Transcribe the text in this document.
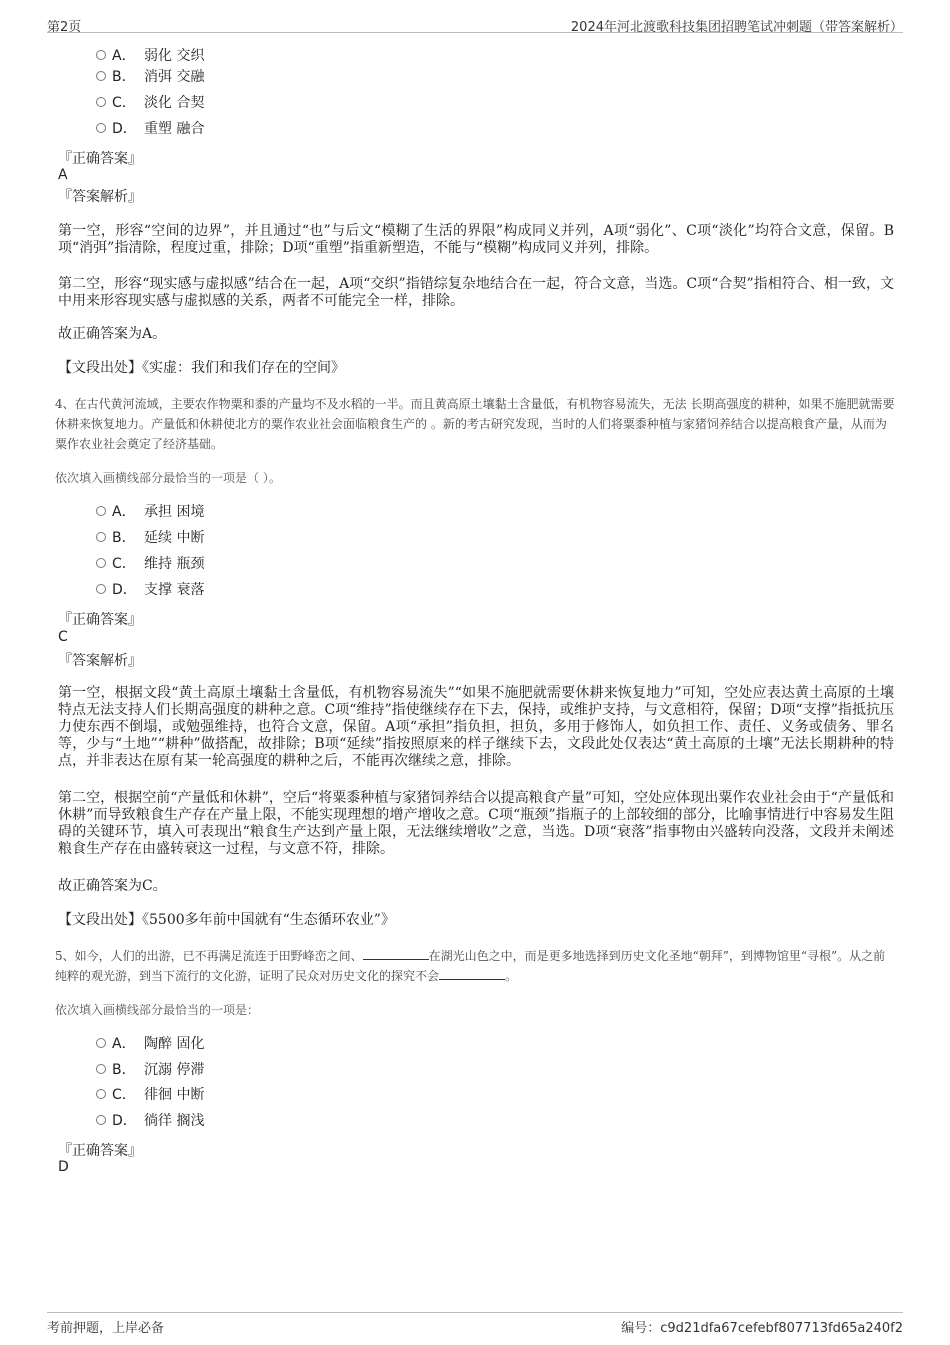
第2页	2024年河北渡歌科技集团招聘笔试冲刺题（带答案解析）
A． 弱化 交织
B． 消弭 交融
C． 淡化 合契
D． 重塑 融合
『正确答案』
A
『答案解析』
第一空，形容“空间的边界”，并且通过“也”与后文“模糊了生活的界限”构成同义并列，A项“弱化”、C项“淡化”均符合文意，保留。B项“消弭”指清除，程度过重，排除；D项“重塑”指重新塑造，不能与“模糊”构成同义并列，排除。
第二空，形容“现实感与虚拟感”结合在一起，A项“交织”指错综复杂地结合在一起，符合文意，当选。C项“合契”指相符合、相一致，文中用来形容现实感与虚拟感的关系，两者不可能完全一样，排除。
故正确答案为A。
【文段出处】《实虚：我们和我们存在的空间》
4、在古代黄河流域，主要农作物粟和黍的产量均不及水稻的一半。而且黄高原土壤黏土含量低，有机物容易流失，无法 长期高强度的耕种，如果不施肥就需要休耕来恢复地力。产量低和休耕使北方的粟作农业社会面临粮食生产的 。新的考古研究发现，当时的人们将粟黍种植与家猪饲养结合以提高粮食产量，从而为粟作农业社会奠定了经济基础。
依次填入画横线部分最恰当的一项是（ ）。
A． 承担 困境
B． 延续 中断
C． 维持 瓶颈
D． 支撑 衰落
『正确答案』
C
『答案解析』
第一空，根据文段“黄土高原土壤黏土含量低，有机物容易流失”“如果不施肥就需要休耕来恢复地力”可知，空处应表达黄土高原的土壤特点无法支持人们长期高强度的耕种之意。C项“维持”指使继续存在下去，保持，或维护支持，与文意相符，保留；D项“支撑”指抵抗压力使东西不倒塌，或勉强维持，也符合文意，保留。A项“承担”指负担，担负，多用于修饰人，如负担工作、责任、义务或债务、罪名等，少与“土地”“耕种”做搭配，故排除；B项“延续”指按照原来的样子继续下去，文段此处仅表达“黄土高原的土壤”无法长期耕种的特点，并非表达在原有某一轮高强度的耕种之后，不能再次继续之意，排除。
第二空，根据空前“产量低和休耕”，空后“将粟黍种植与家猪饲养结合以提高粮食产量”可知，空处应体现出粟作农业社会由于“产量低和休耕”而导致粮食生产存在产量上限，不能实现理想的增产增收之意。C项“瓶颈”指瓶子的上部较细的部分，比喻事情进行中容易发生阻碍的关键环节，填入可表现出“粮食生产达到产量上限，无法继续增收”之意，当选。D项“衰落”指事物由兴盛转向没落，文段并未阐述粮食生产存在由盛转衰这一过程，与文意不符，排除。
故正确答案为C。
【文段出处】《5500多年前中国就有“生态循环农业”》
5、如今，人们的出游，已不再满足流连于田野峰峦之间、	在湖光山色之中，而是更多地选择到历史文化圣地“朝拜”，到博物馆里“寻根”。从之前纯粹的观光游，到当下流行的文化游，证明了民众对历史文化的探究不会	。
依次填入画横线部分最恰当的一项是：
A． 陶醉 固化
B． 沉溺 停滞
C． 徘徊 中断
D． 徜徉 搁浅
『正确答案』
D
考前押题，上岸必备	编号：c9d21dfa67cefebf807713fd65a240f2
